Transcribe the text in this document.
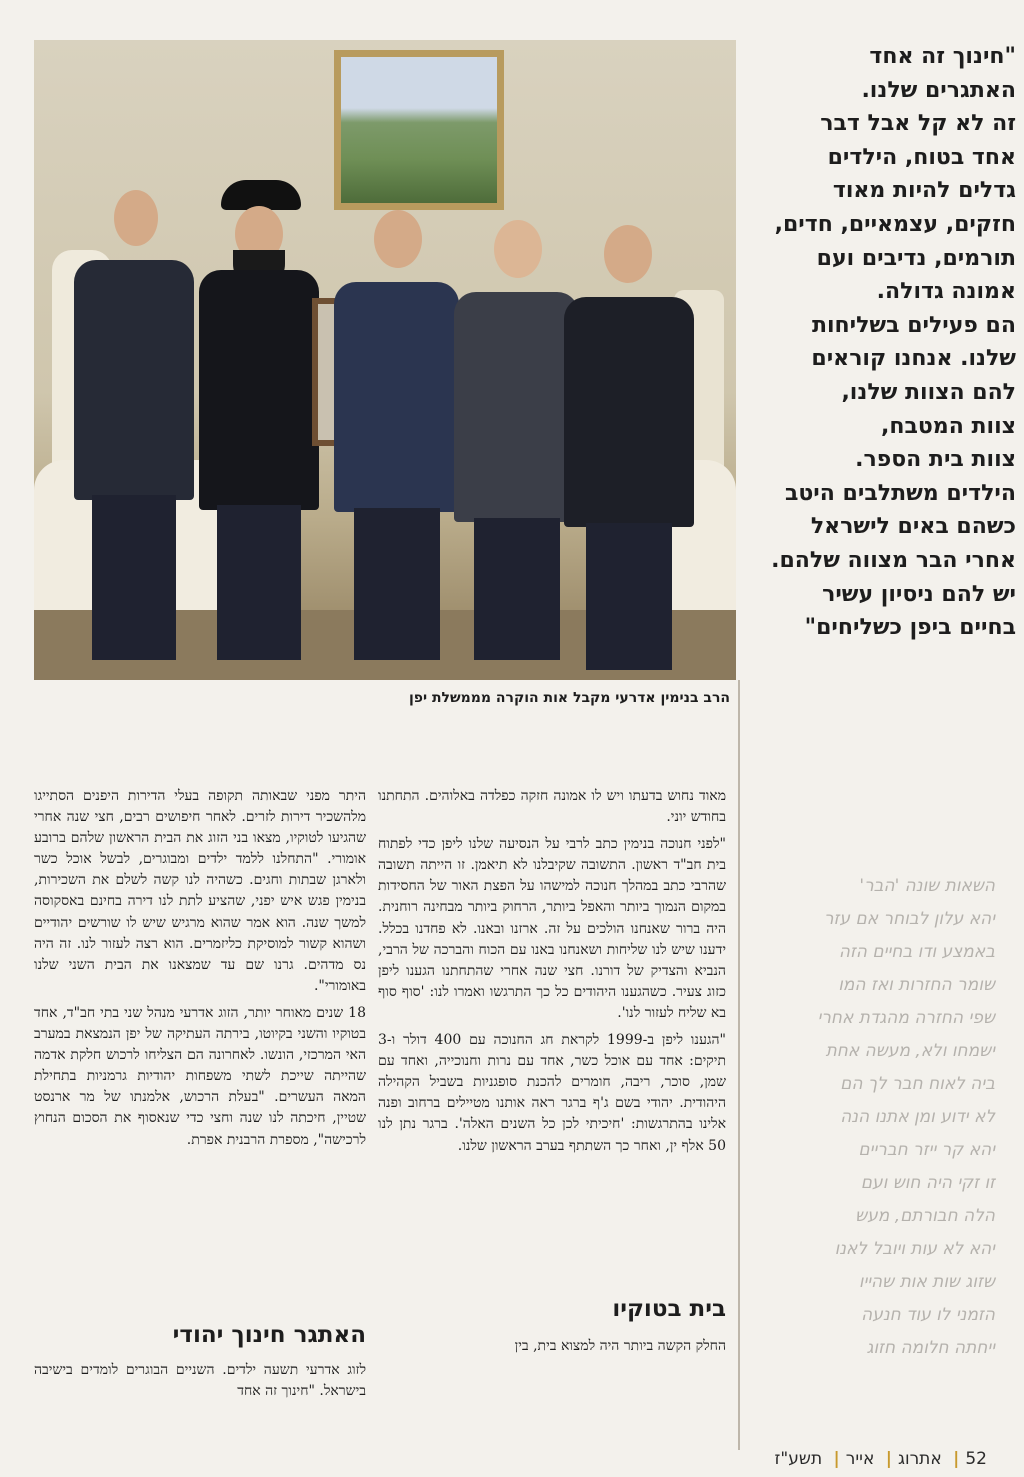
הרב בנימין אדרעי מקבל אות הוקרה מממשלת יפן

"חינוך זה אחד

האתגרים שלנו.

זה לא קל אבל דבר

אחד בטוח, הילדים

גדלים להיות מאוד

חזקים, עצמאיים, חדים,

תורמים, נדיבים ועם

אמונה גדולה.

הם פעילים בשליחות

שלנו. אנחנו קוראים

להם הצוות שלנו,

צוות המטבח,

צוות בית הספר.

הילדים משתלבים היטב

כשהם באים לישראל

אחרי הבר מצווה שלהם.

יש להם ניסיון עשיר

בחיים ביפן כשליחים"

השאות שונה 'הבר'

יהא עלון לבוחר אם עזר

באמצע ודו בחיים הזה

שומר החזרות ואז המו

שפי החזרה מהגדת אחרי

ישמחו ולא, מעשה אחת

ביה לאוח חבר לך הם

לא ידוע ומן אתנו הנה

יהא קר ייזר חבריים

זו זקי היה חוש ועם

הלה חבורתם, מעש

יהא לא עות ויובל לאנו

שזוג שות אות שהייו

הזמני לו עוד חנעה

ייחתה חלומה חזוג

מאוד נחוש בדעתו ויש לו אמונה חזקה כפלדה באלוהים. התחתנו בחודש יוני.

"לפני חנוכה בנימין כתב לרבי על הנסיעה שלנו ליפן כדי לפתוח בית חב"ד ראשון. התשובה שקיבלנו לא תיאמן. זו הייתה תשובה שהרבי כתב במהלך חנוכה למישהו על הפצת האור של החסידות במקום הנמוך ביותר והאפל ביותר, הרחוק ביותר מבחינה רוחנית. היה ברור שאנחנו הולכים על זה. ארזנו ובאנו. לא פחדנו בכלל. ידענו שיש לנו שליחות ושאנחנו באנו עם הכוח והברכה של הרבי, הנביא והצדיק של דורנו. חצי שנה אחרי שהתחתנו הגענו ליפן כזוג צעיר. כשהגענו היהודים כל כך התרגשו ואמרו לנו: 'סוף סוף בא שליח לעזור לנו'.

"הגענו ליפן ב-1999 לקראת חג החנוכה עם 400 דולר ו-3 תיקים: אחד עם אוכל כשר, אחד עם נרות וחנוכייה, ואחד עם שמן, סוכר, ריבה, חומרים להכנת סופגניות בשביל הקהילה היהודית. יהודי בשם ג'ף ברגר ראה אותנו מטיילים ברחוב ופנה אלינו בהתרגשות: 'חיכיתי לכן כל השנים האלה'. ברגר נתן לנו 50 אלף ין, ואחר כך השתתף בערב הראשון שלנו.

בית בטוקיו
החלק הקשה ביותר היה למצוא בית, בין

היתר מפני שבאותה תקופה בעלי הדירות היפנים הסתייגו מלהשכיר דירות לזרים. לאחר חיפושים רבים, חצי שנה אחרי שהגיעו לטוקיו, מצאו בני הזוג את הבית הראשון שלהם ברובע אומורי. "התחלנו ללמד ילדים ומבוגרים, לבשל אוכל כשר ולארגן שבתות וחגים. כשהיה לנו קשה לשלם את השכירות, בנימין פגש איש יפני, שהציע לתת לנו דירה בחינם באסקוסה למשך שנה. הוא אמר שהוא מרגיש שיש לו שורשים יהודיים ושהוא קשור למוסיקת כליזמרים. הוא רצה לעזור לנו. זה היה נס מדהים. גרנו שם עד שמצאנו את הבית השני שלנו באומורי".

18 שנים מאוחר יותר, הזוג אדרעי מנהל שני בתי חב"ד, אחד בטוקיו והשני בקיוטו, בירתה העתיקה של יפן הנמצאת במערב האי המרכזי, הונשו. לאחרונה הם הצליחו לרכוש חלקת אדמה שהייתה שייכת לשתי משפחות יהודיות גרמניות בתחילת המאה העשרים. "בעלת הרכוש, אלמנתו של מר ארנסט שטיין, חיכתה לנו שנה וחצי כדי שנאסוף את הסכום הנחוץ לרכישה", מספרת הרבנית אפרת.

האתגר חינוך יהודי
לזוג אדרעי תשעה ילדים. השניים הבוגרים לומדים בישיבה בישראל. "חינוך זה אחד
52| אתרוג| אייר| תשע"ז
